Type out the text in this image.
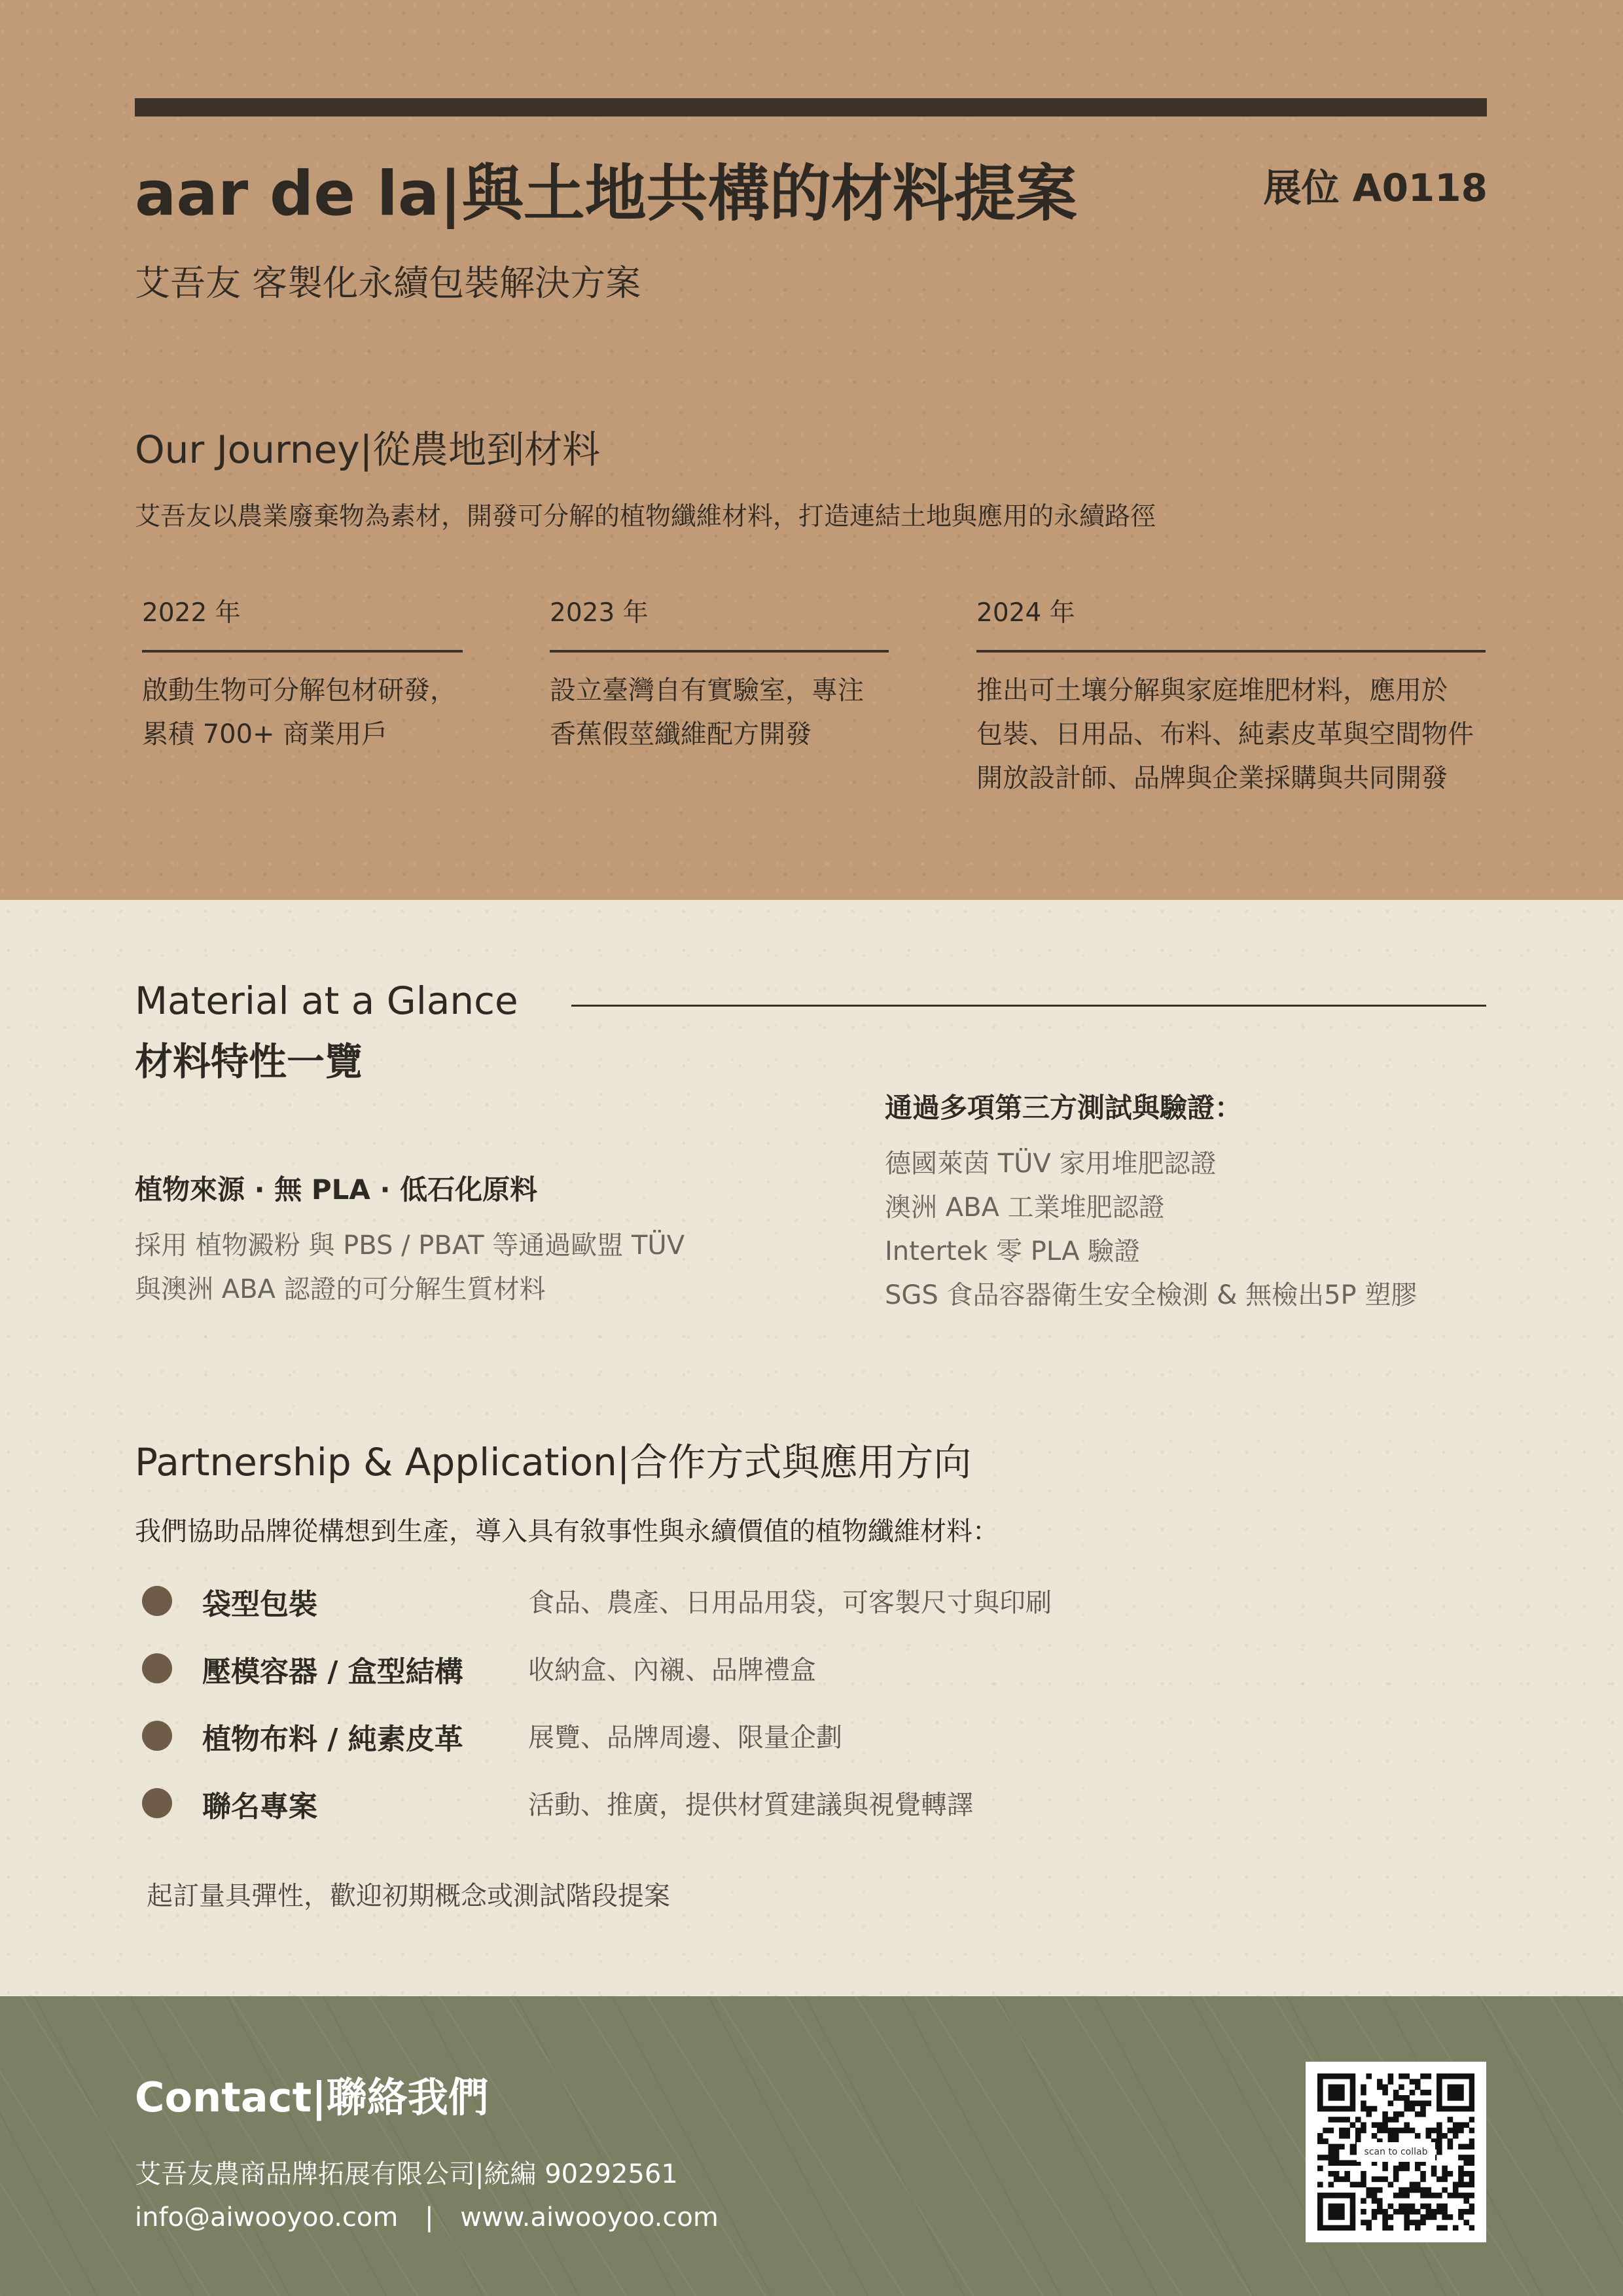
aar de la|與土地共構的材料提案	展位 A0118
艾吾友 客製化永續包裝解決方案
Our Journey|從農地到材料
艾吾友以農業廢棄物為素材，開發可分解的植物纖維材料，打造連結土地與應用的永續路徑
2022 年
啟動生物可分解包材研發，
累積 700+ 商業用戶
2023 年
設立臺灣自有實驗室，專注
香蕉假莖纖維配方開發
2024 年
推出可土壤分解與家庭堆肥材料，應用於
包裝、日用品、布料、純素皮革與空間物件
開放設計師、品牌與企業採購與共同開發
Material at a Glance
材料特性一覽
植物來源 · 無 PLA · 低石化原料
採用 植物澱粉 與 PBS / PBAT 等通過歐盟 TÜV
與澳洲 ABA 認證的可分解生質材料
通過多項第三方測試與驗證：
德國萊茵 TÜV 家用堆肥認證
澳洲 ABA 工業堆肥認證
Intertek 零 PLA 驗證
SGS 食品容器衛生安全檢測 & 無檢出5P 塑膠
Partnership & Application|合作方式與應用方向
我們協助品牌從構想到生產，導入具有敘事性與永續價值的植物纖維材料：
袋型包裝	食品、農產、日用品用袋，可客製尺寸與印刷
壓模容器 / 盒型結構 收納盒、內襯、品牌禮盒
植物布料 / 純素皮革 展覽、品牌周邊、限量企劃
聯名專案	活動、推廣，提供材質建議與視覺轉譯
起訂量具彈性，歡迎初期概念或測試階段提案
Contact|聯絡我們
艾吾友農商品牌拓展有限公司|統編 90292561
info@aiwooyoo.com | www.aiwooyoo.com
scan to collab
